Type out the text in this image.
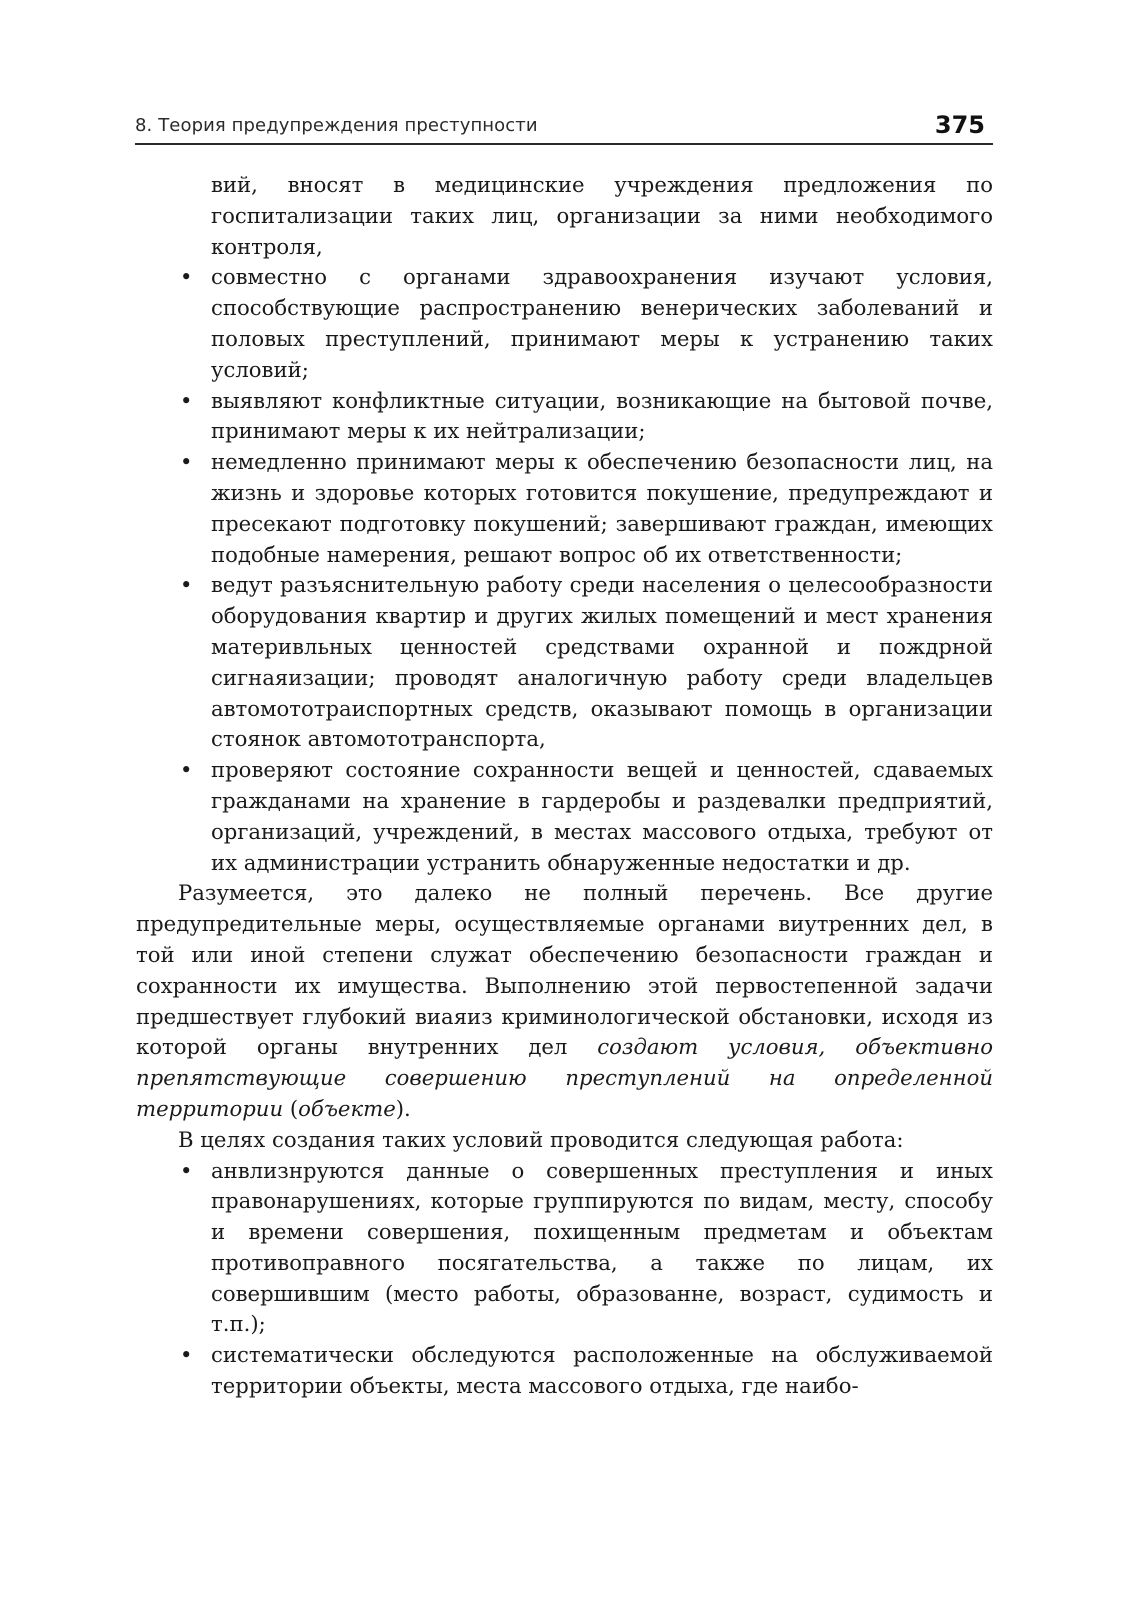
8. Теория предупреждения преступности	375

вий, вносят в медицинские учреждения предложения по госпитализации таких лиц, организации за ними необходимого контроля,

• совместно с органами здравоохранения изучают условия, способствующие распространению венерических заболеваний и половых преступлений, принимают меры к устранению таких условий;
• выявляют конфликтные ситуации, возникающие на бытовой почве, принимают меры к их нейтрализации;
• немедленно принимают меры к обеспечению безопасности лиц, на жизнь и здоровье которых готовится покушение, предупреждают и пресекают подготовку покушений; завершивают граждан, имеющих подобные намерения, решают вопрос об их ответственности;
• ведут разъяснительную работу среди населения о целесообразности оборудования квартир и других жилых помещений и мест хранения материвльных ценностей средствами охранной и пождрной сигнаяизации; проводят аналогичную работу среди владельцев автомототраиспортных средств, оказывают помощь в организации стоянок автомототранспорта,
• проверяют состояние сохранности вещей и ценностей, сдаваемых гражданами на хранение в гардеробы и раздевалки предприятий, организаций, учреждений, в местах массового отдыха, требуют от их администрации устранить обнаруженные недостатки и др.

Разумеется, это далеко не полный перечень. Все другие предупредительные меры, осуществляемые органами виутренних дел, в той или иной степени служат обеспечению безопасности граждан и сохранности их имущества. Выполнению этой первостепенной задачи предшествует глубокий виаяиз криминологической обстановки, исходя из которой органы внутренних дел создают условия, объективно препятствующие совершению преступлений на определенной территории (объекте).

В целях создания таких условий проводится следующая работа:

• анвлизнруются данные о совершенных преступления и иных правонарушениях, которые группируются по видам, месту, способу и времени совершения, похищенным предметам и объектам противоправного посягательства, а также по лицам, их совершившим (место работы, образованне, возраст, судимость и т.п.);
• систематически обследуются расположенные на обслуживаемой территории объекты, места массового отдыха, где наибо-
